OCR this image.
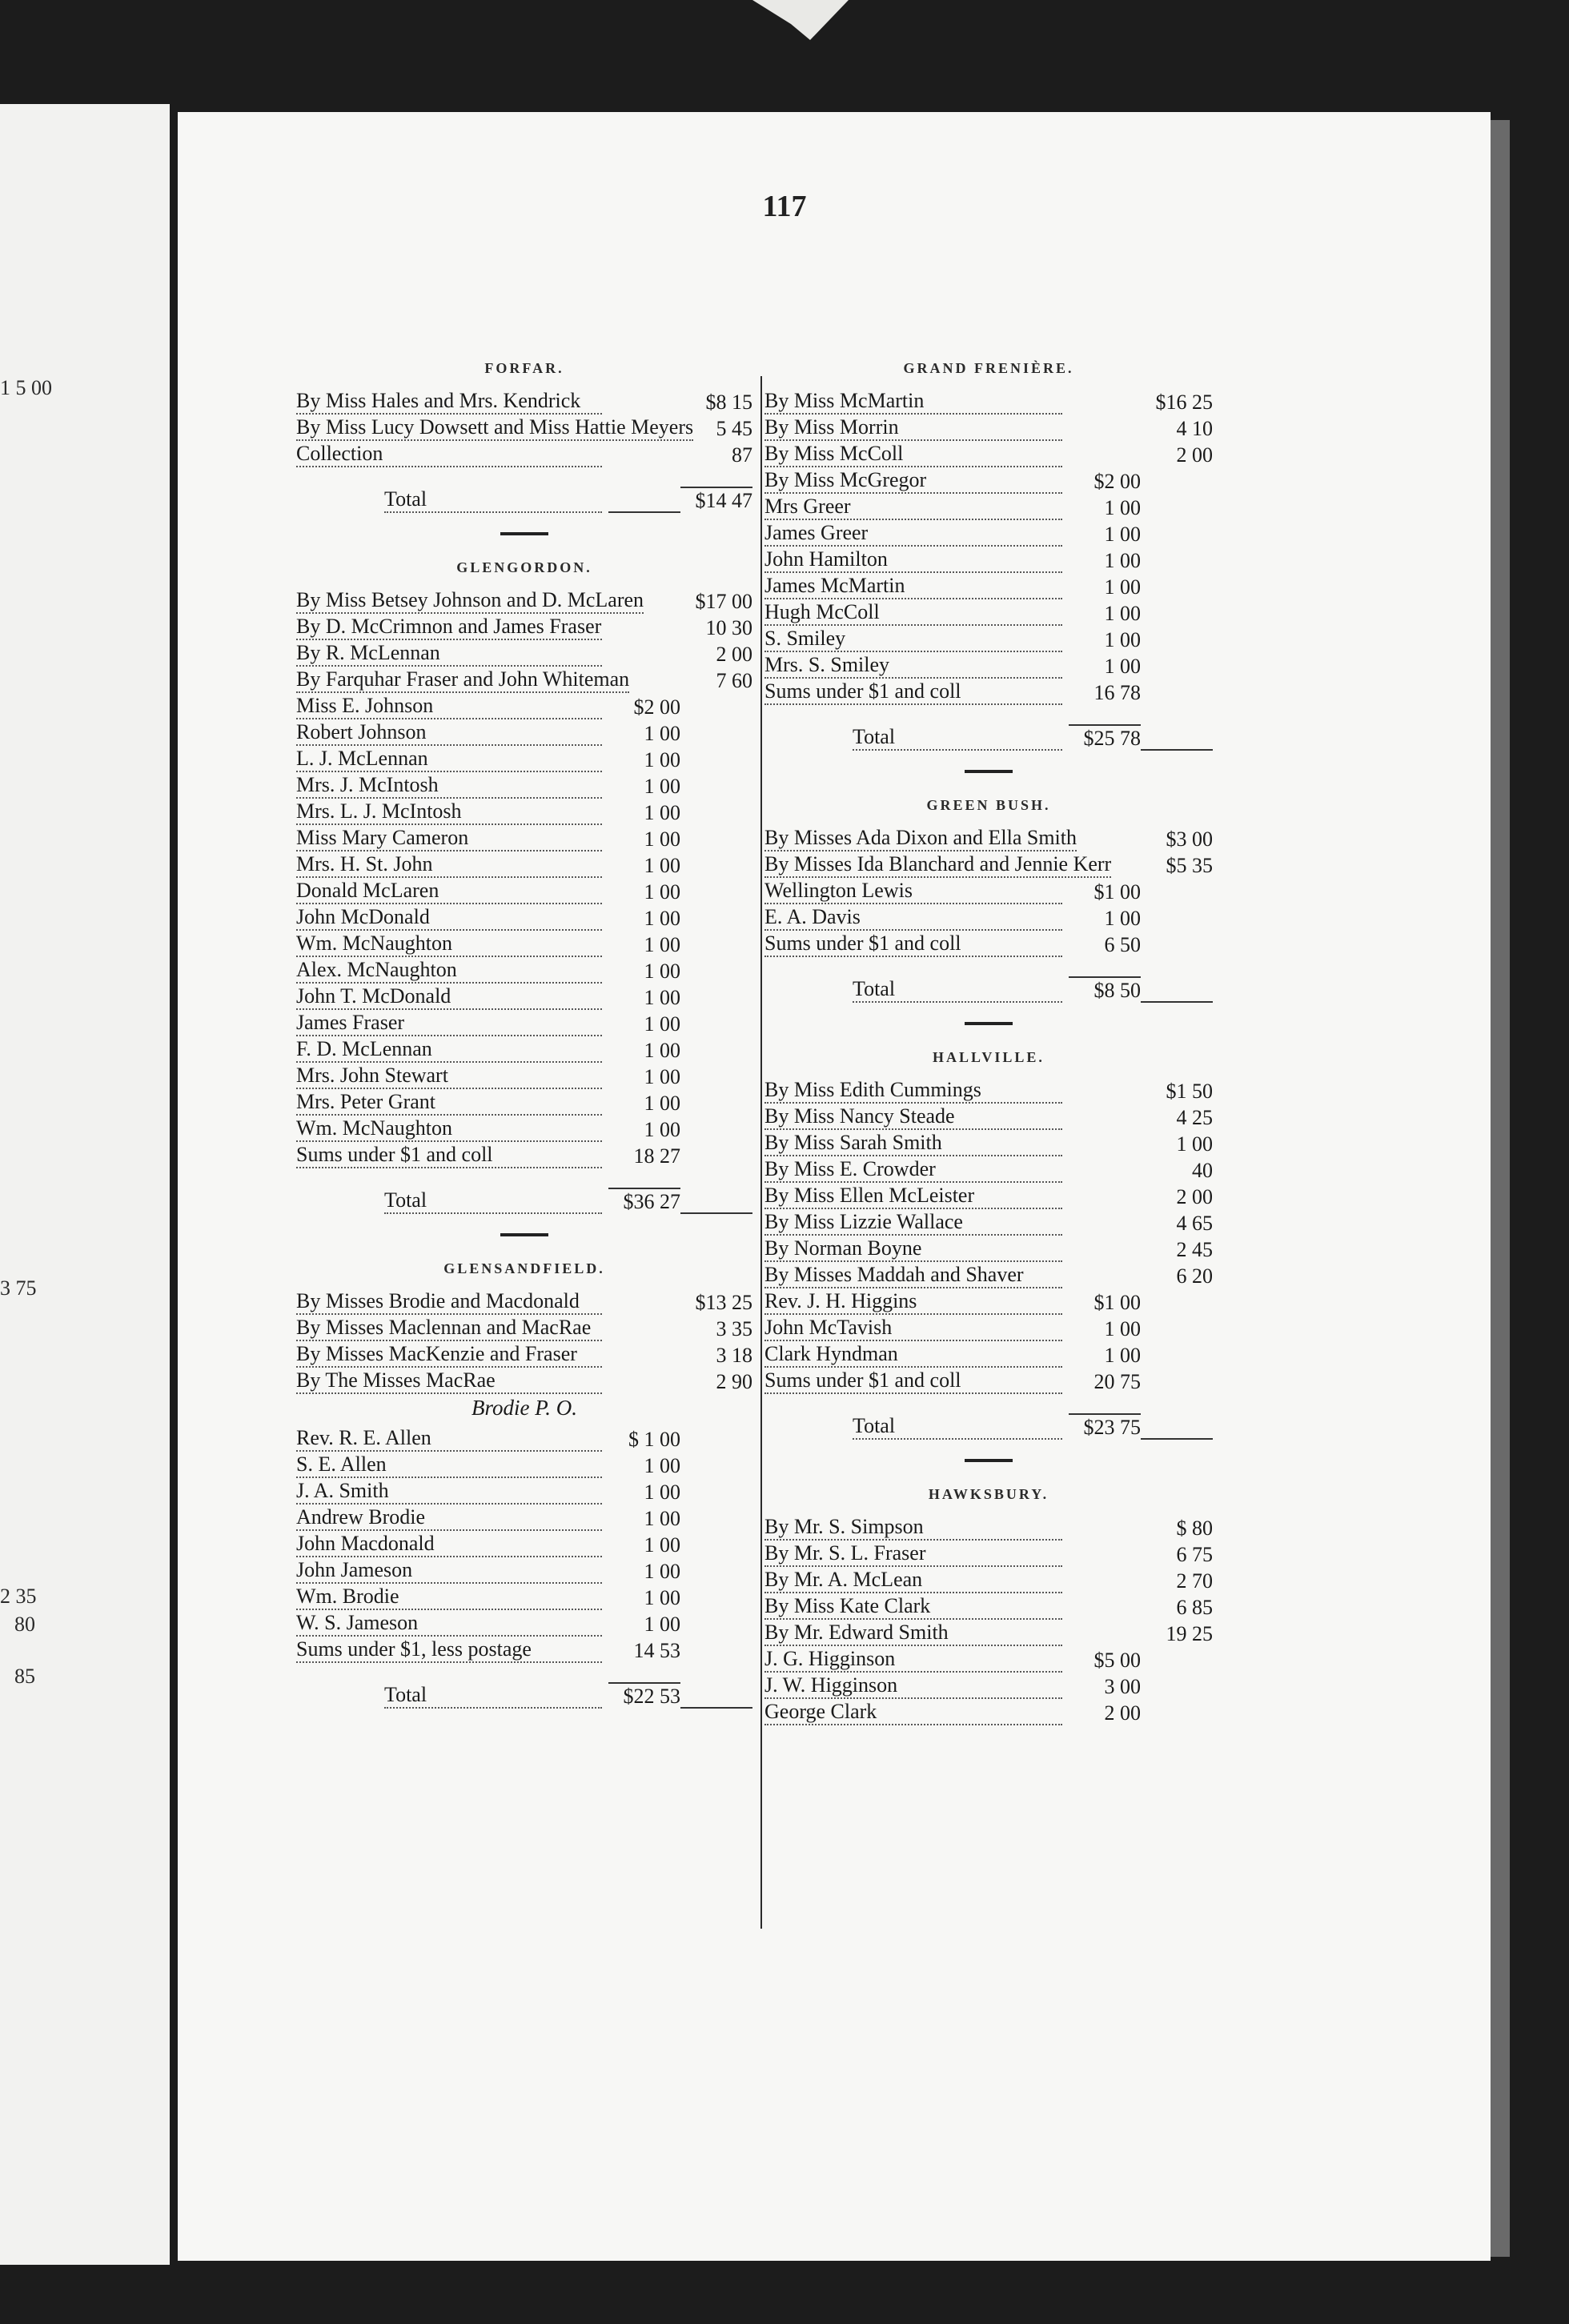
1 5 00
3 75
2 35
80
85
117
FORFAR.
By Miss Hales and Mrs. Kendrick	$8 15
By Miss Lucy Dowsett and Miss Hattie Meyers 5 45
Collection	87
Total	$14 47
GLENGORDON.
By Miss Betsey Johnson and D. McLaren $17 00
By D. McCrimnon and James Fraser	10 30
By R. McLennan	2 00
By Farquhar Fraser and John Whiteman	7 60
Miss E. Johnson	$2 00
Robert Johnson	1 00
L. J. McLennan	1 00
Mrs. J. McIntosh	1 00
Mrs. L. J. McIntosh	1 00
Miss Mary Cameron	1 00
Mrs. H. St. John	1 00
Donald McLaren	1 00
John McDonald	1 00
Wm. McNaughton	1 00
Alex. McNaughton	1 00
John T. McDonald	1 00
James Fraser	1 00
F. D. McLennan	1 00
Mrs. John Stewart	1 00
Mrs. Peter Grant	1 00
Wm. McNaughton	1 00
Sums under $1 and coll	18 27
Total	$36 27
GLENSANDFIELD.
By Misses Brodie and Macdonald	$13 25
By Misses Maclennan and MacRae	3 35
By Misses MacKenzie and Fraser	3 18
By The Misses MacRae	2 90
Brodie P. O.
Rev. R. E. Allen	$ 1 00
S. E. Allen	1 00
J. A. Smith	1 00
Andrew Brodie	1 00
John Macdonald	1 00
John Jameson	1 00
Wm. Brodie	1 00
W. S. Jameson	1 00
Sums under $1, less postage	14 53
Total	$22 53
GRAND FRENIÈRE.
By Miss McMartin	$16 25
By Miss Morrin	4 10
By Miss McColl	2 00
By Miss McGregor	$2 00
Mrs Greer	1 00
James Greer	1 00
John Hamilton	1 00
James McMartin	1 00
Hugh McColl	1 00
S. Smiley	1 00
Mrs. S. Smiley	1 00
Sums under $1 and coll	16 78
Total	$25 78
GREEN BUSH.
By Misses Ada Dixon and Ella Smith	$3 00
By Misses Ida Blanchard and Jennie Kerr	$5 35
Wellington Lewis	$1 00
E. A. Davis	1 00
Sums under $1 and coll	6 50
Total	$8 50
HALLVILLE.
By Miss Edith Cummings	$1 50
By Miss Nancy Steade	4 25
By Miss Sarah Smith	1 00
By Miss E. Crowder	40
By Miss Ellen McLeister	2 00
By Miss Lizzie Wallace	4 65
By Norman Boyne	2 45
By Misses Maddah and Shaver	6 20
Rev. J. H. Higgins	$1 00
John McTavish	1 00
Clark Hyndman	1 00
Sums under $1 and coll	20 75
Total	$23 75
HAWKSBURY.
By Mr. S. Simpson	$ 80
By Mr. S. L. Fraser	6 75
By Mr. A. McLean	2 70
By Miss Kate Clark	6 85
By Mr. Edward Smith	19 25
J. G. Higginson	$5 00
J. W. Higginson	3 00
George Clark	2 00
